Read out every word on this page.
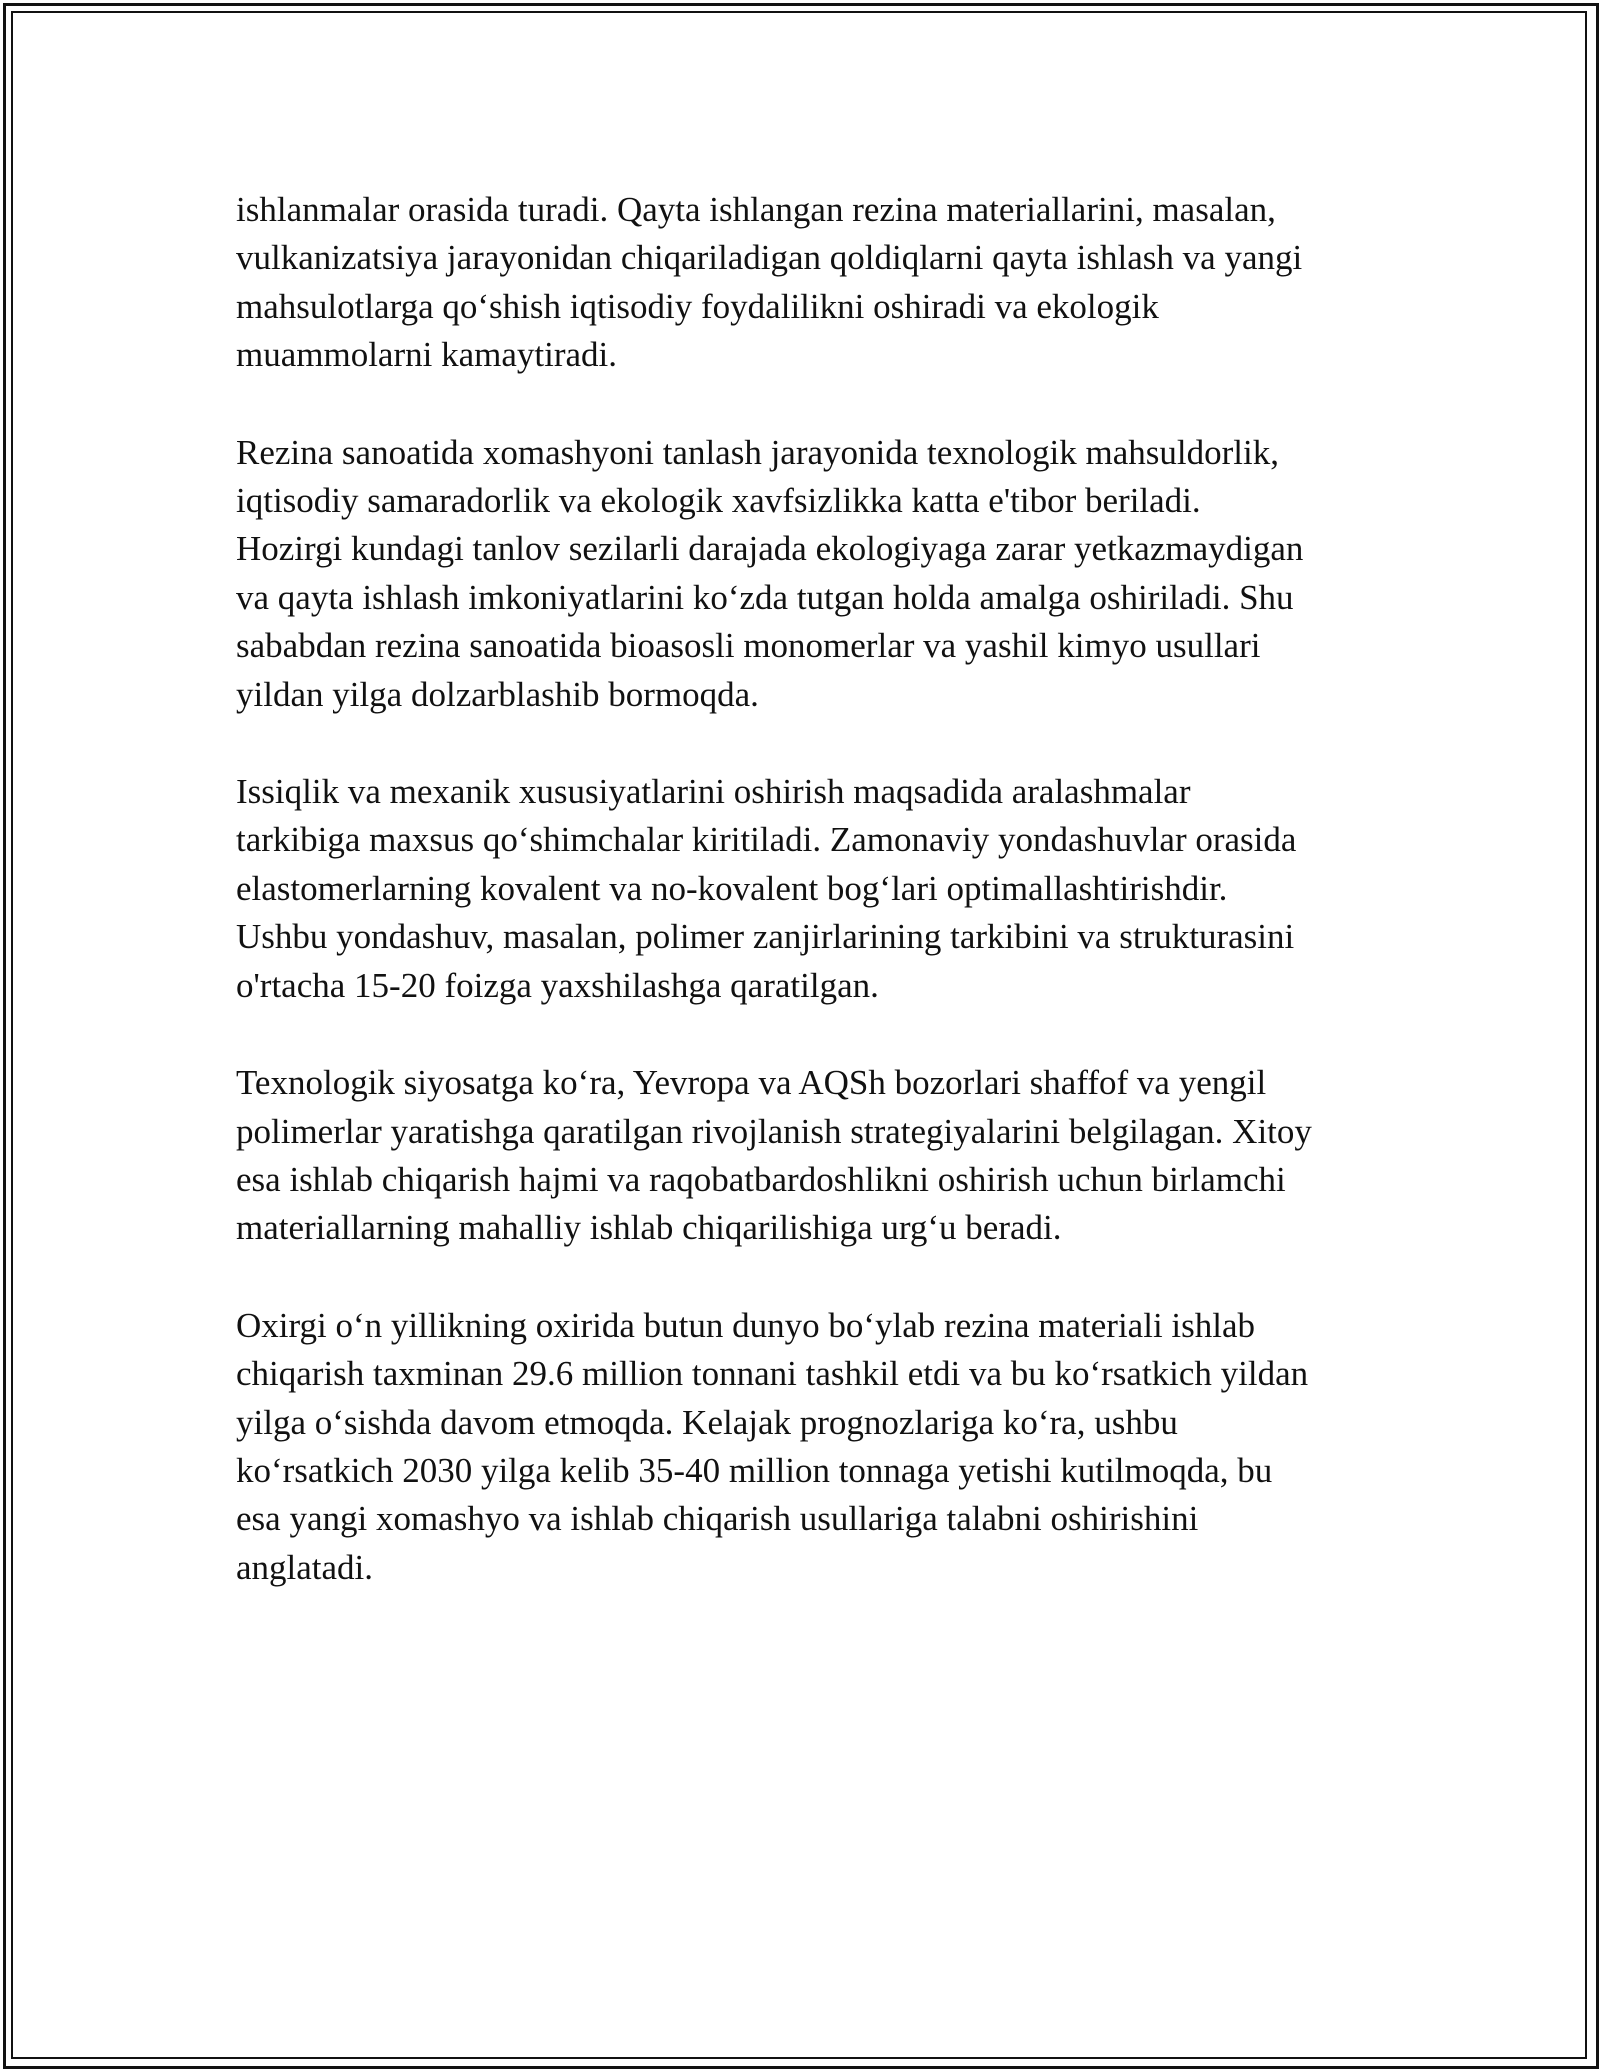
ishlanmalar orasida turadi. Qayta ishlangan rezina materiallarini, masalan,
vulkanizatsiya jarayonidan chiqariladigan qoldiqlarni qayta ishlash va yangi
mahsulotlarga qo‘shish iqtisodiy foydalilikni oshiradi va ekologik
muammolarni kamaytiradi.

Rezina sanoatida xomashyoni tanlash jarayonida texnologik mahsuldorlik,
iqtisodiy samaradorlik va ekologik xavfsizlikka katta e'tibor beriladi.
Hozirgi kundagi tanlov sezilarli darajada ekologiyaga zarar yetkazmaydigan
va qayta ishlash imkoniyatlarini ko‘zda tutgan holda amalga oshiriladi. Shu
sababdan rezina sanoatida bioasosli monomerlar va yashil kimyo usullari
yildan yilga dolzarblashib bormoqda.

Issiqlik va mexanik xususiyatlarini oshirish maqsadida aralashmalar
tarkibiga maxsus qo‘shimchalar kiritiladi. Zamonaviy yondashuvlar orasida
elastomerlarning kovalent va no-kovalent bog‘lari optimallashtirishdir.
Ushbu yondashuv, masalan, polimer zanjirlarining tarkibini va strukturasini
o'rtacha 15-20 foizga yaxshilashga qaratilgan.

Texnologik siyosatga ko‘ra, Yevropa va AQSh bozorlari shaffof va yengil
polimerlar yaratishga qaratilgan rivojlanish strategiyalarini belgilagan. Xitoy
esa ishlab chiqarish hajmi va raqobatbardoshlikni oshirish uchun birlamchi
materiallarning mahalliy ishlab chiqarilishiga urg‘u beradi.

Oxirgi o‘n yillikning oxirida butun dunyo bo‘ylab rezina materiali ishlab
chiqarish taxminan 29.6 million tonnani tashkil etdi va bu ko‘rsatkich yildan
yilga o‘sishda davom etmoqda. Kelajak prognozlariga ko‘ra, ushbu
ko‘rsatkich 2030 yilga kelib 35-40 million tonnaga yetishi kutilmoqda, bu
esa yangi xomashyo va ishlab chiqarish usullariga talabni oshirishini
anglatadi.
